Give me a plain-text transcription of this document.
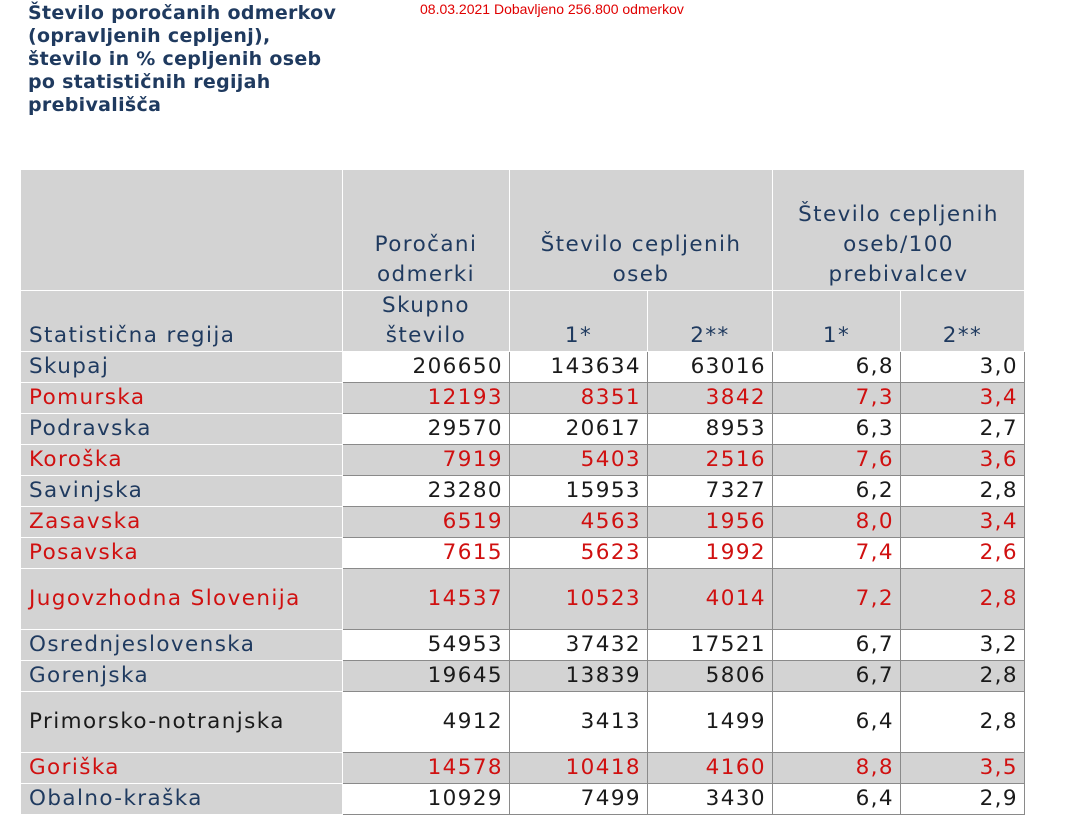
Število poročanih odmerkov (opravljenih cepljenj), število in % cepljenih oseb po statističnih regijah prebivališča
08.03.2021 Dobavljeno 256.800 odmerkov
	Poročani odmerki	Število cepljenih oseb		Število cepljenih oseb/100 prebivalcev	
Statistična regija	Skupno število	1*	2**	1*	2**
Skupaj	206650	143634	63016	6,8	3,0
Pomurska	12193	8351	3842	7,3	3,4
Podravska	29570	20617	8953	6,3	2,7
Koroška	7919	5403	2516	7,6	3,6
Savinjska	23280	15953	7327	6,2	2,8
Zasavska	6519	4563	1956	8,0	3,4
Posavska	7615	5623	1992	7,4	2,6
Jugovzhodna Slovenija	14537	10523	4014	7,2	2,8
Osrednjeslovenska	54953	37432	17521	6,7	3,2
Gorenjska	19645	13839	5806	6,7	2,8
Primorsko-notranjska	4912	3413	1499	6,4	2,8
Goriška	14578	10418	4160	8,8	3,5
Obalno-kraška	10929	7499	3430	6,4	2,9
